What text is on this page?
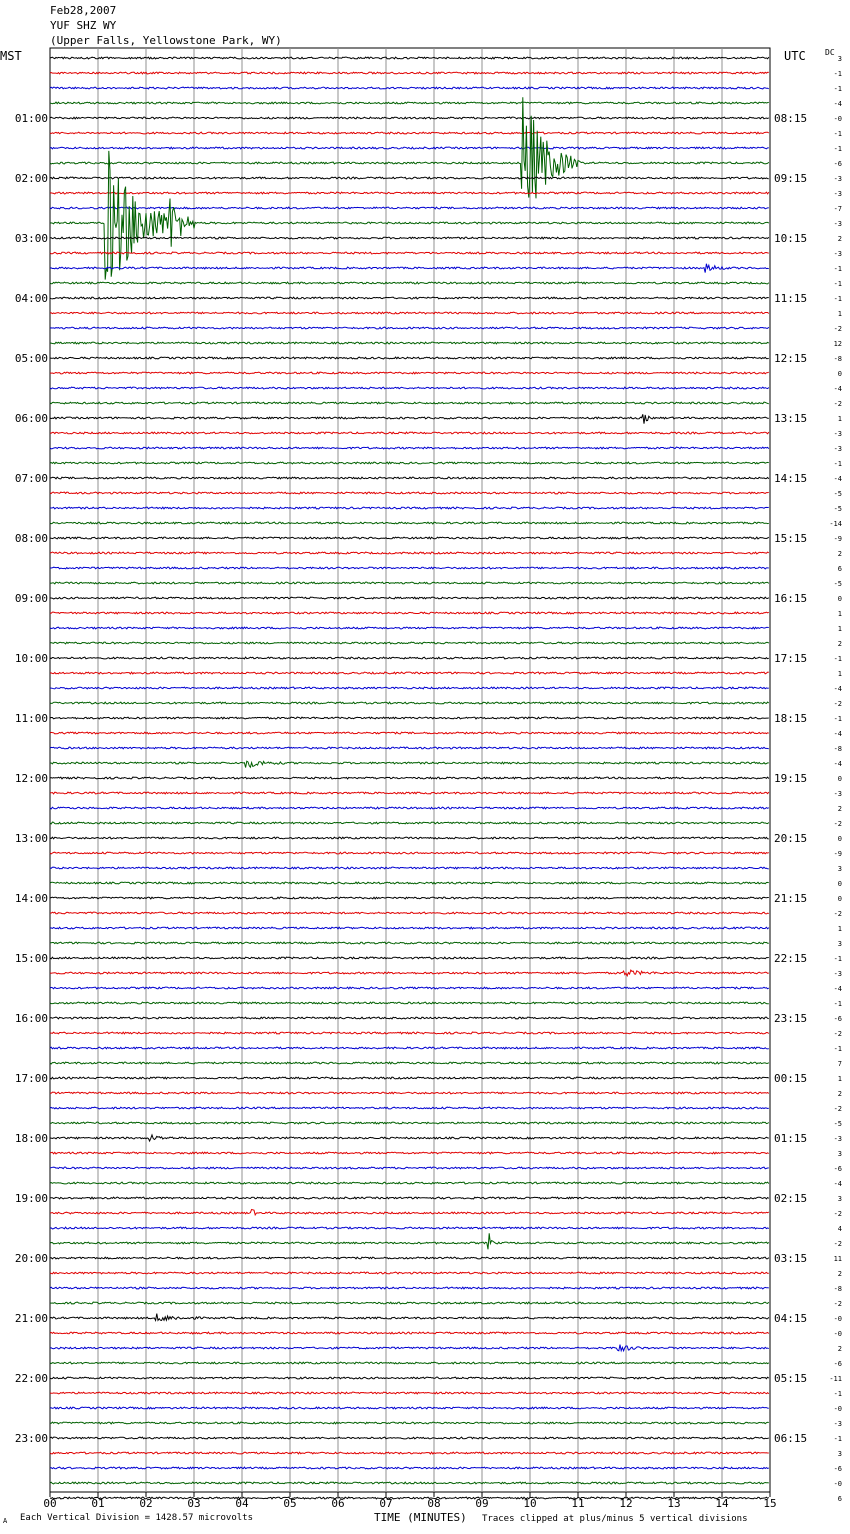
Feb28,2007
YUF SHZ WY
(Upper Falls, Yellowstone Park, WY)
MST	UTC DC
Each Vertical Division = 1428.57 microvolts	TIME (MINUTES) Traces clipped at plus/minus 5 vertical divisions
A
3
-1
-1
-4
-0
-1
-1
-6
-3
-3
-7
-3
2
-3
-1
-1
-1
1
-2
12
-8
0
-4
-2
1
-3
-3
-1
-4
-5
-5
-14
-9
2
6
-5
0
1
1
2
-1
1
-4
-2
-1
-4
-8
-4
0
-3
2
-2
0
-9
3
0
0
-2
1
3
-1
-3
-4
-1
-6
-2
-1
7
1
2
-2
-5
-3
3
-6
-4
3
-2
4
-2
11
2
-8
-2
-0
-0
2
-6
-11
-1
-0
-3
-1
3
-6
-0
6
01:00
02:00
03:00
04:00
05:00
06:00
07:00
08:00
09:00
10:00
11:00
12:00
13:00
14:00
15:00
16:00
17:00
18:00
19:00
20:00
21:00
22:00
23:00
08:15
09:15
10:15
11:15
12:15
13:15
14:15
15:15
16:15
17:15
18:15
19:15
20:15
21:15
22:15
23:15
00:15
01:15
02:15
03:15
04:15
05:15
06:15
00	01	02	03	04	05	06	07	08	09	10	11	12	13	14	15
